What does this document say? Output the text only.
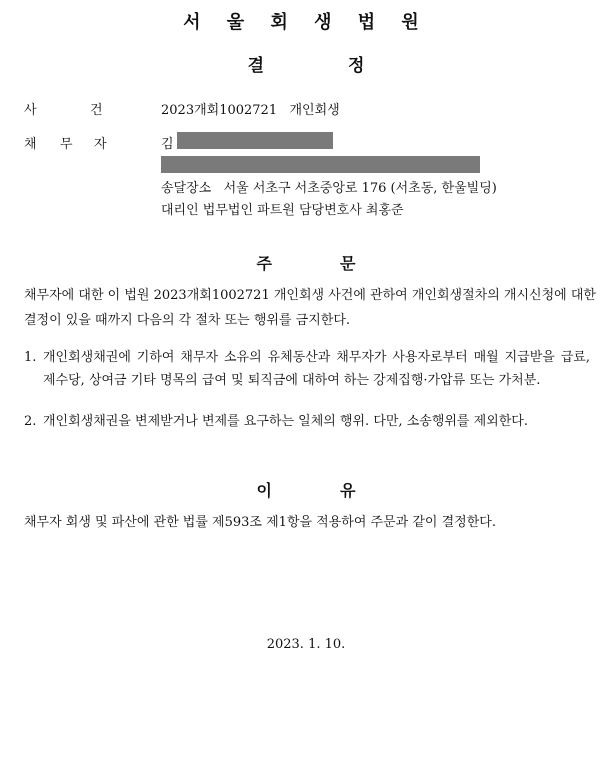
서 울 회 생 법 원
결	정
사	건	2023개회1002721   개인회생
채 무 자	김
송달장소   서울 서초구 서초중앙로 176 (서초동, 한울빌딩)
대리인 법무법인 파트원 담당변호사 최홍준
주	문
채무자에 대한 이 법원 2023개회1002721 개인회생 사건에 관하여 개인회생절차의 개시신청에 대한 결정이 있을 때까지 다음의 각 절차 또는 행위를 금지한다.
1. 개인회생채권에 기하여 채무자 소유의 유체동산과 채무자가 사용자로부터 매월 지급받을 급료, 제수당, 상여금 기타 명목의 급여 및 퇴직금에 대하여 하는 강제집행·가압류 또는 가처분.
2. 개인회생채권을 변제받거나 변제를 요구하는 일체의 행위. 다만, 소송행위를 제외한다.
이	유
채무자 회생 및 파산에 관한 법률 제593조 제1항을 적용하여 주문과 같이 결정한다.
2023. 1. 10.
